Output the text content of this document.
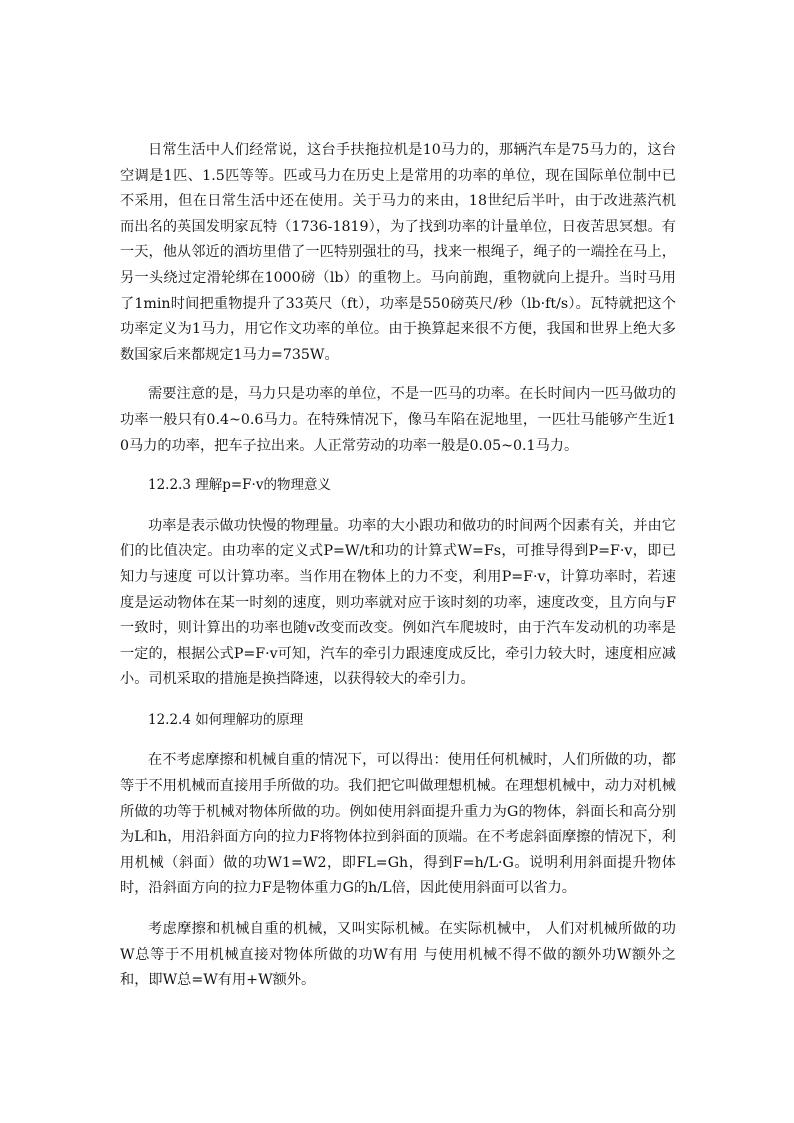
日常生活中人们经常说，这台手扶拖拉机是10马力的，那辆汽车是75马力的，这台空调是1匹、1.5匹等等。匹或马力在历史上是常用的功率的单位，现在国际单位制中已不采用，但在日常生活中还在使用。关于马力的来由，18世纪后半叶，由于改进蒸汽机而出名的英国发明家瓦特（1736-1819），为了找到功率的计量单位，日夜苦思冥想。有一天，他从邻近的酒坊里借了一匹特别强壮的马，找来一根绳子，绳子的一端拴在马上，另一头绕过定滑轮绑在1000磅（lb）的重物上。马向前跑，重物就向上提升。当时马用了1min时间把重物提升了33英尺（ft），功率是550磅英尺/秒（lb·ft/s）。瓦特就把这个功率定义为1马力，用它作文功率的单位。由于换算起来很不方便，我国和世界上绝大多数国家后来都规定1马力=735W。

需要注意的是，马力只是功率的单位，不是一匹马的功率。在长时间内一匹马做功的功率一般只有0.4~0.6马力。在特殊情况下，像马车陷在泥地里，一匹壮马能够产生近10马力的功率，把车子拉出来。人正常劳动的功率一般是0.05~0.1马力。

12.2.3 理解p=F·v的物理意义

功率是表示做功快慢的物理量。功率的大小跟功和做功的时间两个因素有关，并由它们的比值决定。由功率的定义式P=W/t和功的计算式W=Fs，可推导得到P=F·v，即已知力与速度 可以计算功率。当作用在物体上的力不变，利用P=F·v，计算功率时，若速度是运动物体在某一时刻的速度，则功率就对应于该时刻的功率，速度改变，且方向与F一致时，则计算出的功率也随v改变而改变。例如汽车爬坡时，由于汽车发动机的功率是一定的，根据公式P=F·v可知，汽车的牵引力跟速度成反比，牵引力较大时，速度相应减小。司机采取的措施是换挡降速，以获得较大的牵引力。

12.2.4 如何理解功的原理

在不考虑摩擦和机械自重的情况下，可以得出：使用任何机械时，人们所做的功，都等于不用机械而直接用手所做的功。我们把它叫做理想机械。在理想机械中，动力对机械所做的功等于机械对物体所做的功。例如使用斜面提升重力为G的物体，斜面长和高分别为L和h，用沿斜面方向的拉力F将物体拉到斜面的顶端。在不考虑斜面摩擦的情况下，利用机械（斜面）做的功W1=W2，即FL=Gh，得到F=h/L·G。说明利用斜面提升物体时，沿斜面方向的拉力F是物体重力G的h/L倍，因此使用斜面可以省力。

考虑摩擦和机械自重的机械，又叫实际机械。在实际机械中， 人们对机械所做的功W总等于不用机械直接对物体所做的功W有用 与使用机械不得不做的额外功W额外之和，即W总=W有用+W额外。
